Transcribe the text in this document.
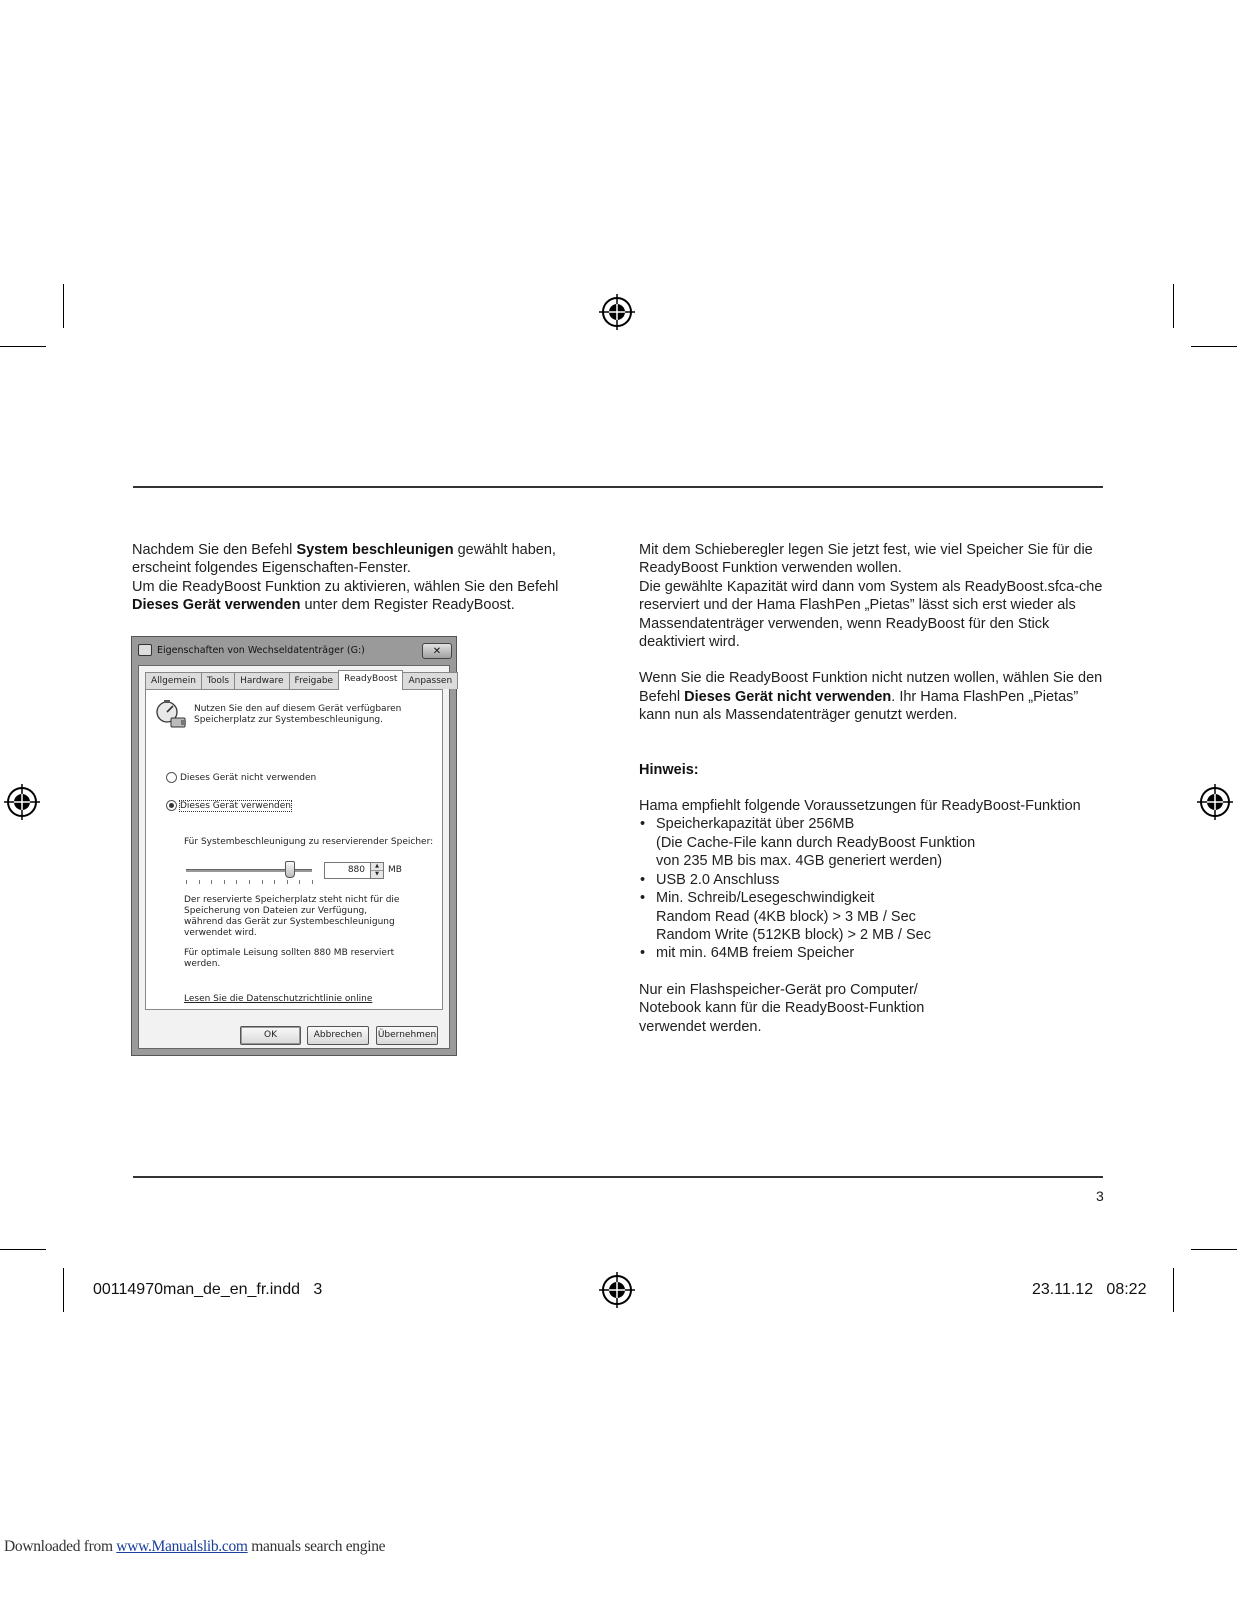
Nachdem Sie den Befehl System beschleunigen gewählt haben, erscheint folgendes Eigenschaften-Fenster.

Um die ReadyBoost Funktion zu aktivieren, wählen Sie den Befehl Dieses Gerät verwenden unter dem Register ReadyBoost.

Eigenschaften von Wechseldatenträger (G:)	✕
Allgemein	Tools	Hardware	Freigabe	ReadyBoost	Anpassen
Nutzen Sie den auf diesem Gerät verfügbaren Speicherplatz zur Systembeschleunigung.
Dieses Gerät nicht verwenden
Dieses Gerät verwenden
Für Systembeschleunigung zu reservierender Speicher:
880	▲
▼	MB
Der reservierte Speicherplatz steht nicht für die Speicherung von Dateien zur Verfügung, während das Gerät zur Systembeschleunigung verwendet wird.
Für optimale Leisung sollten 880 MB reserviert werden.
Lesen Sie die Datenschutzrichtlinie online
OK	Abbrechen	Übernehmen

Mit dem Schieberegler legen Sie jetzt fest, wie viel Speicher Sie für die ReadyBoost Funktion verwenden wollen.

Die gewählte Kapazität wird dann vom System als ReadyBoost.sfca-che reserviert und der Hama FlashPen „Pietas” lässt sich erst wieder als Massendatenträger verwenden, wenn ReadyBoost für den Stick deaktiviert wird.

Wenn Sie die ReadyBoost Funktion nicht nutzen wollen, wählen Sie den Befehl Dieses Gerät nicht verwenden. Ihr Hama FlashPen „Pietas” kann nun als Massendatenträger genutzt werden.

Hinweis:

Hama empfiehlt folgende Voraussetzungen für ReadyBoost-Funktion

• Speicherkapazität über 256MB
(Die Cache-File kann durch ReadyBoost Funktion
von 235 MB bis max. 4GB generiert werden)
• USB 2.0 Anschluss
• Min. Schreib/Lesegeschwindigkeit
Random Read (4KB block) > 3 MB / Sec
Random Write (512KB block) > 2 MB / Sec
• mit min. 64MB freiem Speicher

Nur ein Flashspeicher-Gerät pro Computer/ Notebook kann für die ReadyBoost-Funktion verwendet werden.

3
00114970man_de_en_fr.indd   3	23.11.12   08:22
Downloaded from www.Manualslib.com manuals search engine
